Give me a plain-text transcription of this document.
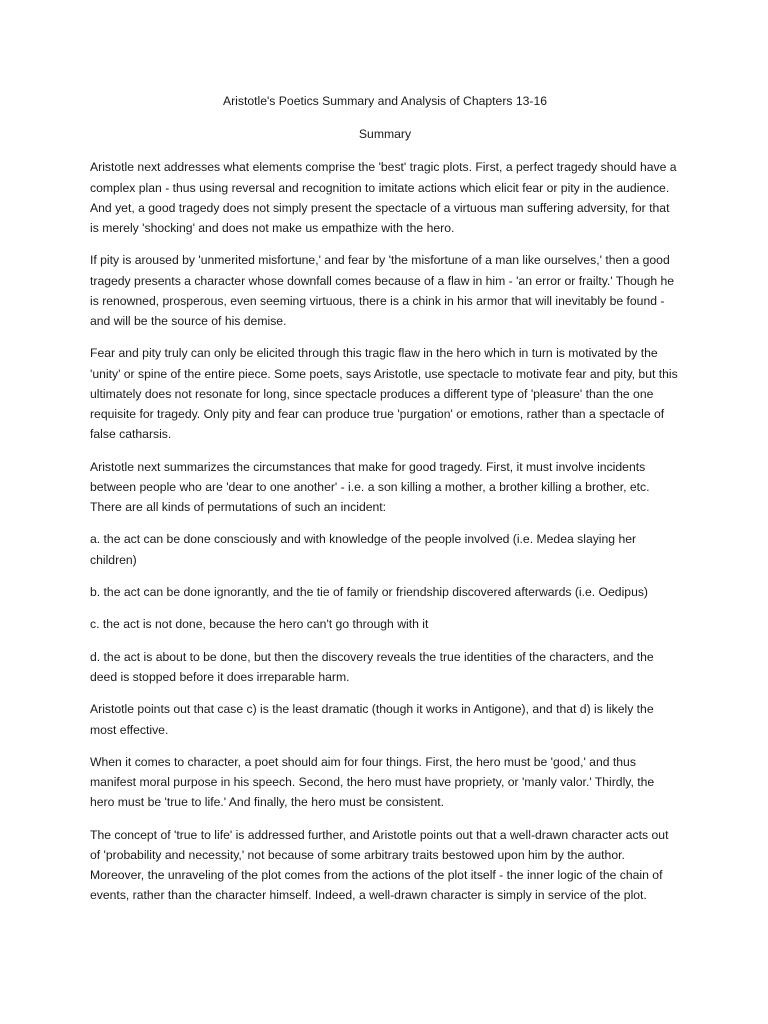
Aristotle's Poetics Summary and Analysis of Chapters 13-16

Summary

Aristotle next addresses what elements comprise the 'best' tragic plots. First, a perfect tragedy should have a complex plan - thus using reversal and recognition to imitate actions which elicit fear or pity in the audience. And yet, a good tragedy does not simply present the spectacle of a virtuous man suffering adversity, for that is merely 'shocking' and does not make us empathize with the hero.

If pity is aroused by 'unmerited misfortune,' and fear by 'the misfortune of a man like ourselves,' then a good tragedy presents a character whose downfall comes because of a flaw in him - 'an error or frailty.' Though he is renowned, prosperous, even seeming virtuous, there is a chink in his armor that will inevitably be found - and will be the source of his demise.

Fear and pity truly can only be elicited through this tragic flaw in the hero which in turn is motivated by the 'unity' or spine of the entire piece. Some poets, says Aristotle, use spectacle to motivate fear and pity, but this ultimately does not resonate for long, since spectacle produces a different type of 'pleasure' than the one requisite for tragedy. Only pity and fear can produce true 'purgation' or emotions, rather than a spectacle of false catharsis.

Aristotle next summarizes the circumstances that make for good tragedy. First, it must involve incidents between people who are 'dear to one another' - i.e. a son killing a mother, a brother killing a brother, etc. There are all kinds of permutations of such an incident:

a. the act can be done consciously and with knowledge of the people involved (i.e. Medea slaying her children)

b. the act can be done ignorantly, and the tie of family or friendship discovered afterwards (i.e. Oedipus)

c. the act is not done, because the hero can't go through with it

d. the act is about to be done, but then the discovery reveals the true identities of the characters, and the deed is stopped before it does irreparable harm.

Aristotle points out that case c) is the least dramatic (though it works in Antigone), and that d) is likely the most effective.

When it comes to character, a poet should aim for four things. First, the hero must be 'good,' and thus manifest moral purpose in his speech. Second, the hero must have propriety, or 'manly valor.' Thirdly, the hero must be 'true to life.' And finally, the hero must be consistent.

The concept of 'true to life' is addressed further, and Aristotle points out that a well-drawn character acts out of 'probability and necessity,' not because of some arbitrary traits bestowed upon him by the author. Moreover, the unraveling of the plot comes from the actions of the plot itself - the inner logic of the chain of events, rather than the character himself. Indeed, a well-drawn character is simply in service of the plot.
